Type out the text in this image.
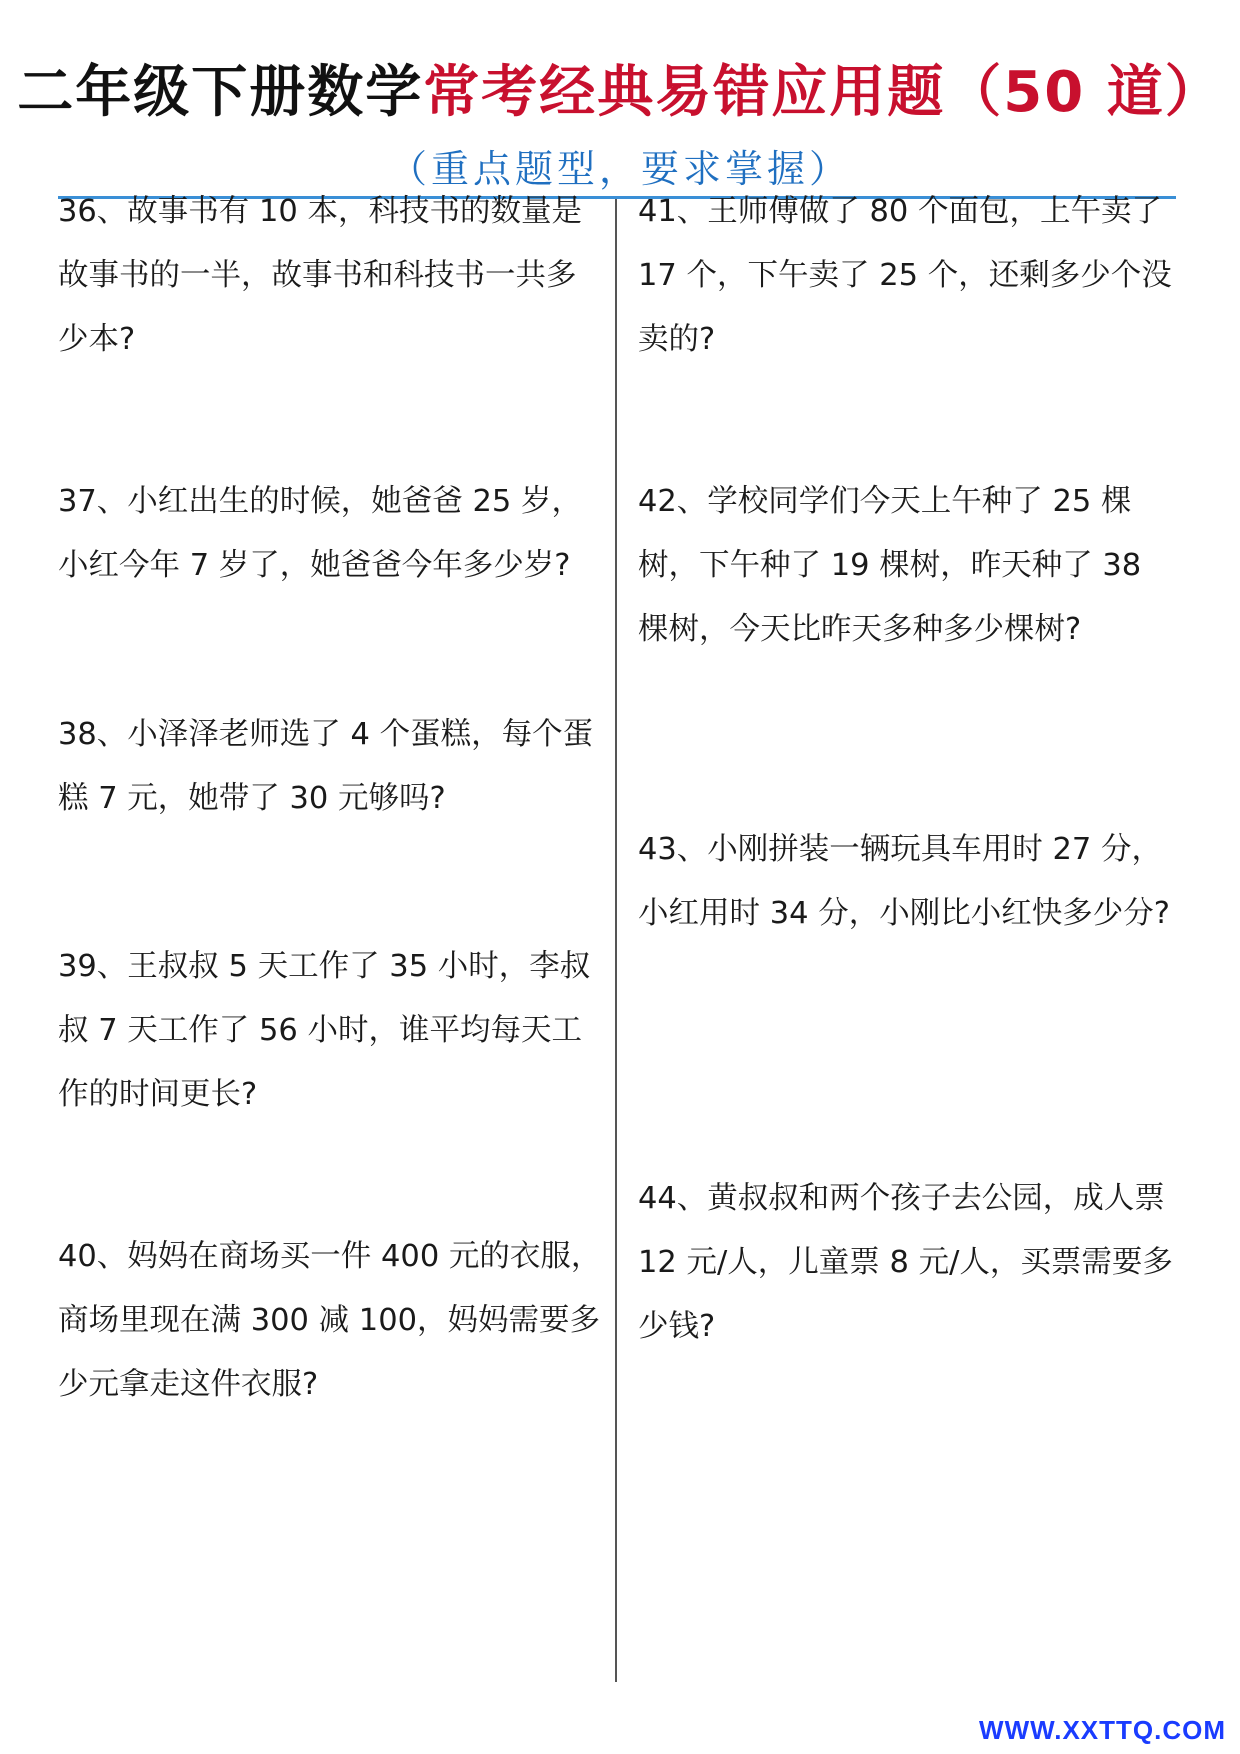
二年级下册数学常考经典易错应用题（50 道）
（重点题型，要求掌握）
36、故事书有 10 本，科技书的数量是故事书的一半，故事书和科技书一共多少本?
37、小红出生的时候，她爸爸 25 岁，小红今年 7 岁了，她爸爸今年多少岁?
38、小泽泽老师选了 4 个蛋糕，每个蛋糕 7 元，她带了 30 元够吗?
39、王叔叔 5 天工作了 35 小时，李叔叔 7 天工作了 56 小时，谁平均每天工作的时间更长?
40、妈妈在商场买一件 400 元的衣服，商场里现在满 300 减 100，妈妈需要多少元拿走这件衣服?
41、王师傅做了 80 个面包，上午卖了 17 个，下午卖了 25 个，还剩多少个没卖的?
42、学校同学们今天上午种了 25 棵树，下午种了 19 棵树，昨天种了 38 棵树，今天比昨天多种多少棵树?
43、小刚拼装一辆玩具车用时 27 分，小红用时 34 分，小刚比小红快多少分?
44、黄叔叔和两个孩子去公园，成人票 12 元/人，儿童票 8 元/人，买票需要多少钱?
WWW.XXTTQ.COM
